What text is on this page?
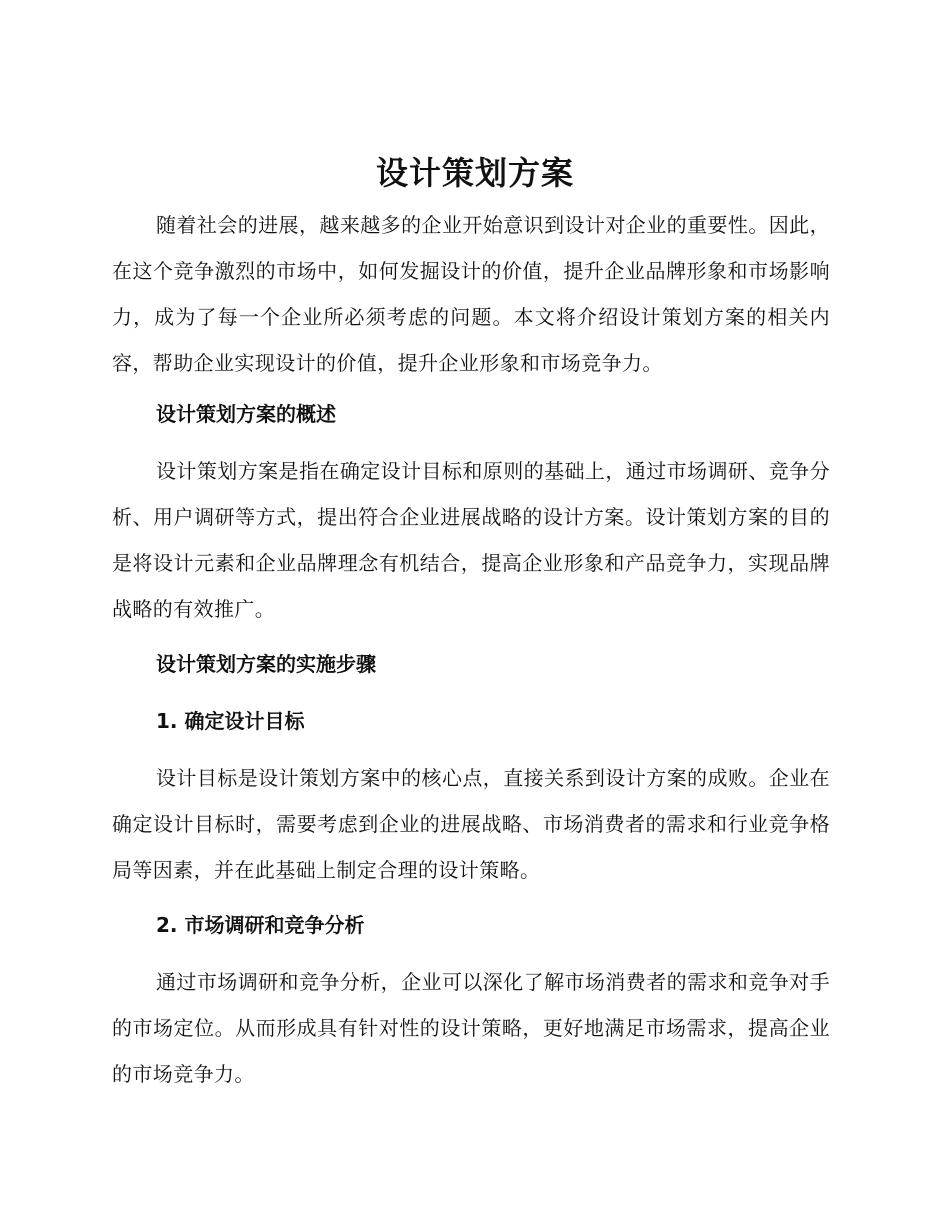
设计策划方案
随着社会的进展，越来越多的企业开始意识到设计对企业的重要性。因此，在这个竞争激烈的市场中，如何发掘设计的价值，提升企业品牌形象和市场影响力，成为了每一个企业所必须考虑的问题。本文将介绍设计策划方案的相关内容，帮助企业实现设计的价值，提升企业形象和市场竞争力。
设计策划方案的概述
设计策划方案是指在确定设计目标和原则的基础上，通过市场调研、竞争分析、用户调研等方式，提出符合企业进展战略的设计方案。设计策划方案的目的是将设计元素和企业品牌理念有机结合，提高企业形象和产品竞争力，实现品牌战略的有效推广。
设计策划方案的实施步骤
1. 确定设计目标
设计目标是设计策划方案中的核心点，直接关系到设计方案的成败。企业在确定设计目标时，需要考虑到企业的进展战略、市场消费者的需求和行业竞争格局等因素，并在此基础上制定合理的设计策略。
2. 市场调研和竞争分析
通过市场调研和竞争分析，企业可以深化了解市场消费者的需求和竞争对手的市场定位。从而形成具有针对性的设计策略，更好地满足市场需求，提高企业的市场竞争力。
